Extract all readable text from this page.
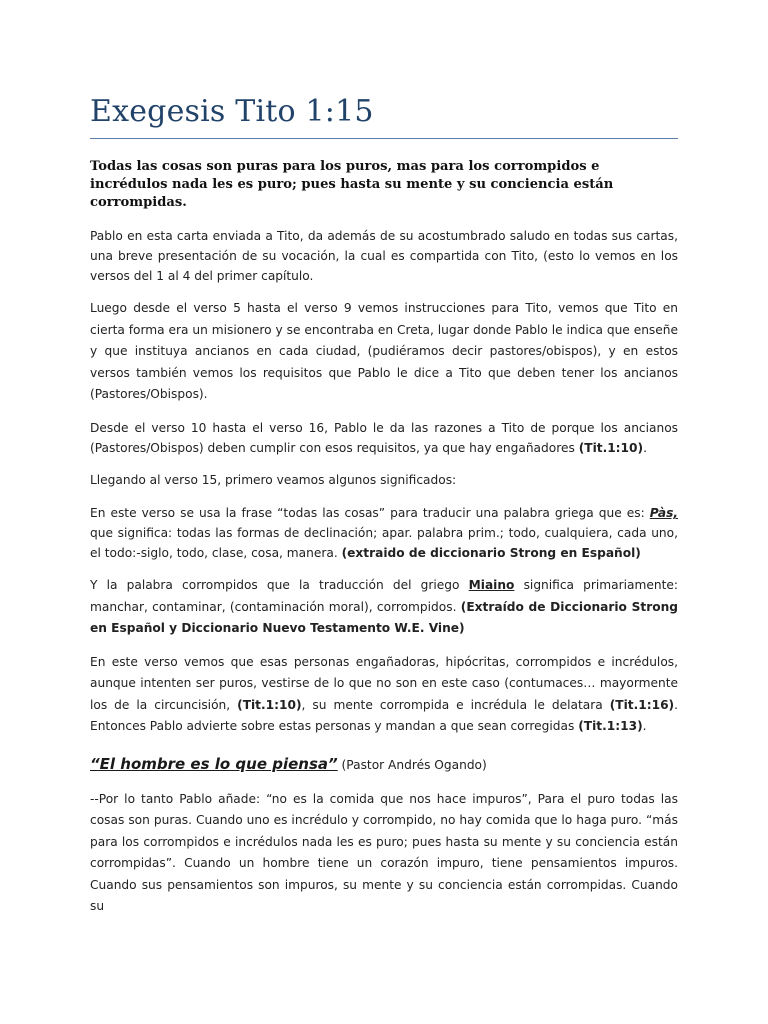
Exegesis Tito 1:15

Todas las cosas son puras para los puros, mas para los corrompidos e incrédulos nada les es puro; pues hasta su mente y su conciencia están corrompidas.

Pablo en esta carta enviada a Tito, da además de su acostumbrado saludo en todas sus cartas, una breve presentación de su vocación, la cual es compartida con Tito, (esto lo vemos en los versos del 1 al 4 del primer capítulo.

Luego desde el verso 5 hasta el verso 9 vemos instrucciones para Tito, vemos que Tito en cierta forma era un misionero y se encontraba en Creta, lugar donde Pablo le indica que enseñe y que instituya ancianos en cada ciudad, (pudiéramos decir pastores/obispos), y en estos versos también vemos los requisitos que Pablo le dice a Tito que deben tener los ancianos (Pastores/Obispos).

Desde el verso 10 hasta el verso 16, Pablo le da las razones a Tito de porque los ancianos (Pastores/Obispos) deben cumplir con esos requisitos, ya que hay engañadores (Tit.1:10).

Llegando al verso 15, primero veamos algunos significados:

En este verso se usa la frase “todas las cosas” para traducir una palabra griega que es: Pàs, que significa: todas las formas de declinación; apar. palabra prim.; todo, cualquiera, cada uno, el todo:-siglo, todo, clase, cosa, manera. (extraido de diccionario Strong en Español)

Y la palabra corrompidos que la traducción del griego Miaino significa primariamente: manchar, contaminar, (contaminación moral), corrompidos. (Extraído de Diccionario Strong en Español y Diccionario Nuevo Testamento W.E. Vine)

En este verso vemos que esas personas engañadoras, hipócritas, corrompidos e incrédulos, aunque intenten ser puros, vestirse de lo que no son en este caso (contumaces… mayormente los de la circuncisión, (Tit.1:10), su mente corrompida e incrédula le delatara (Tit.1:16). Entonces Pablo advierte sobre estas personas y mandan a que sean corregidas (Tit.1:13).

“El hombre es lo que piensa” (Pastor Andrés Ogando)

--Por lo tanto Pablo añade: “no es la comida que nos hace impuros”, Para el puro todas las cosas son puras. Cuando uno es incrédulo y corrompido, no hay comida que lo haga puro. “más para los corrompidos e incrédulos nada les es puro; pues hasta su mente y su conciencia están corrompidas”. Cuando un hombre tiene un corazón impuro, tiene pensamientos impuros. Cuando sus pensamientos son impuros, su mente y su conciencia están corrompidas. Cuando su
